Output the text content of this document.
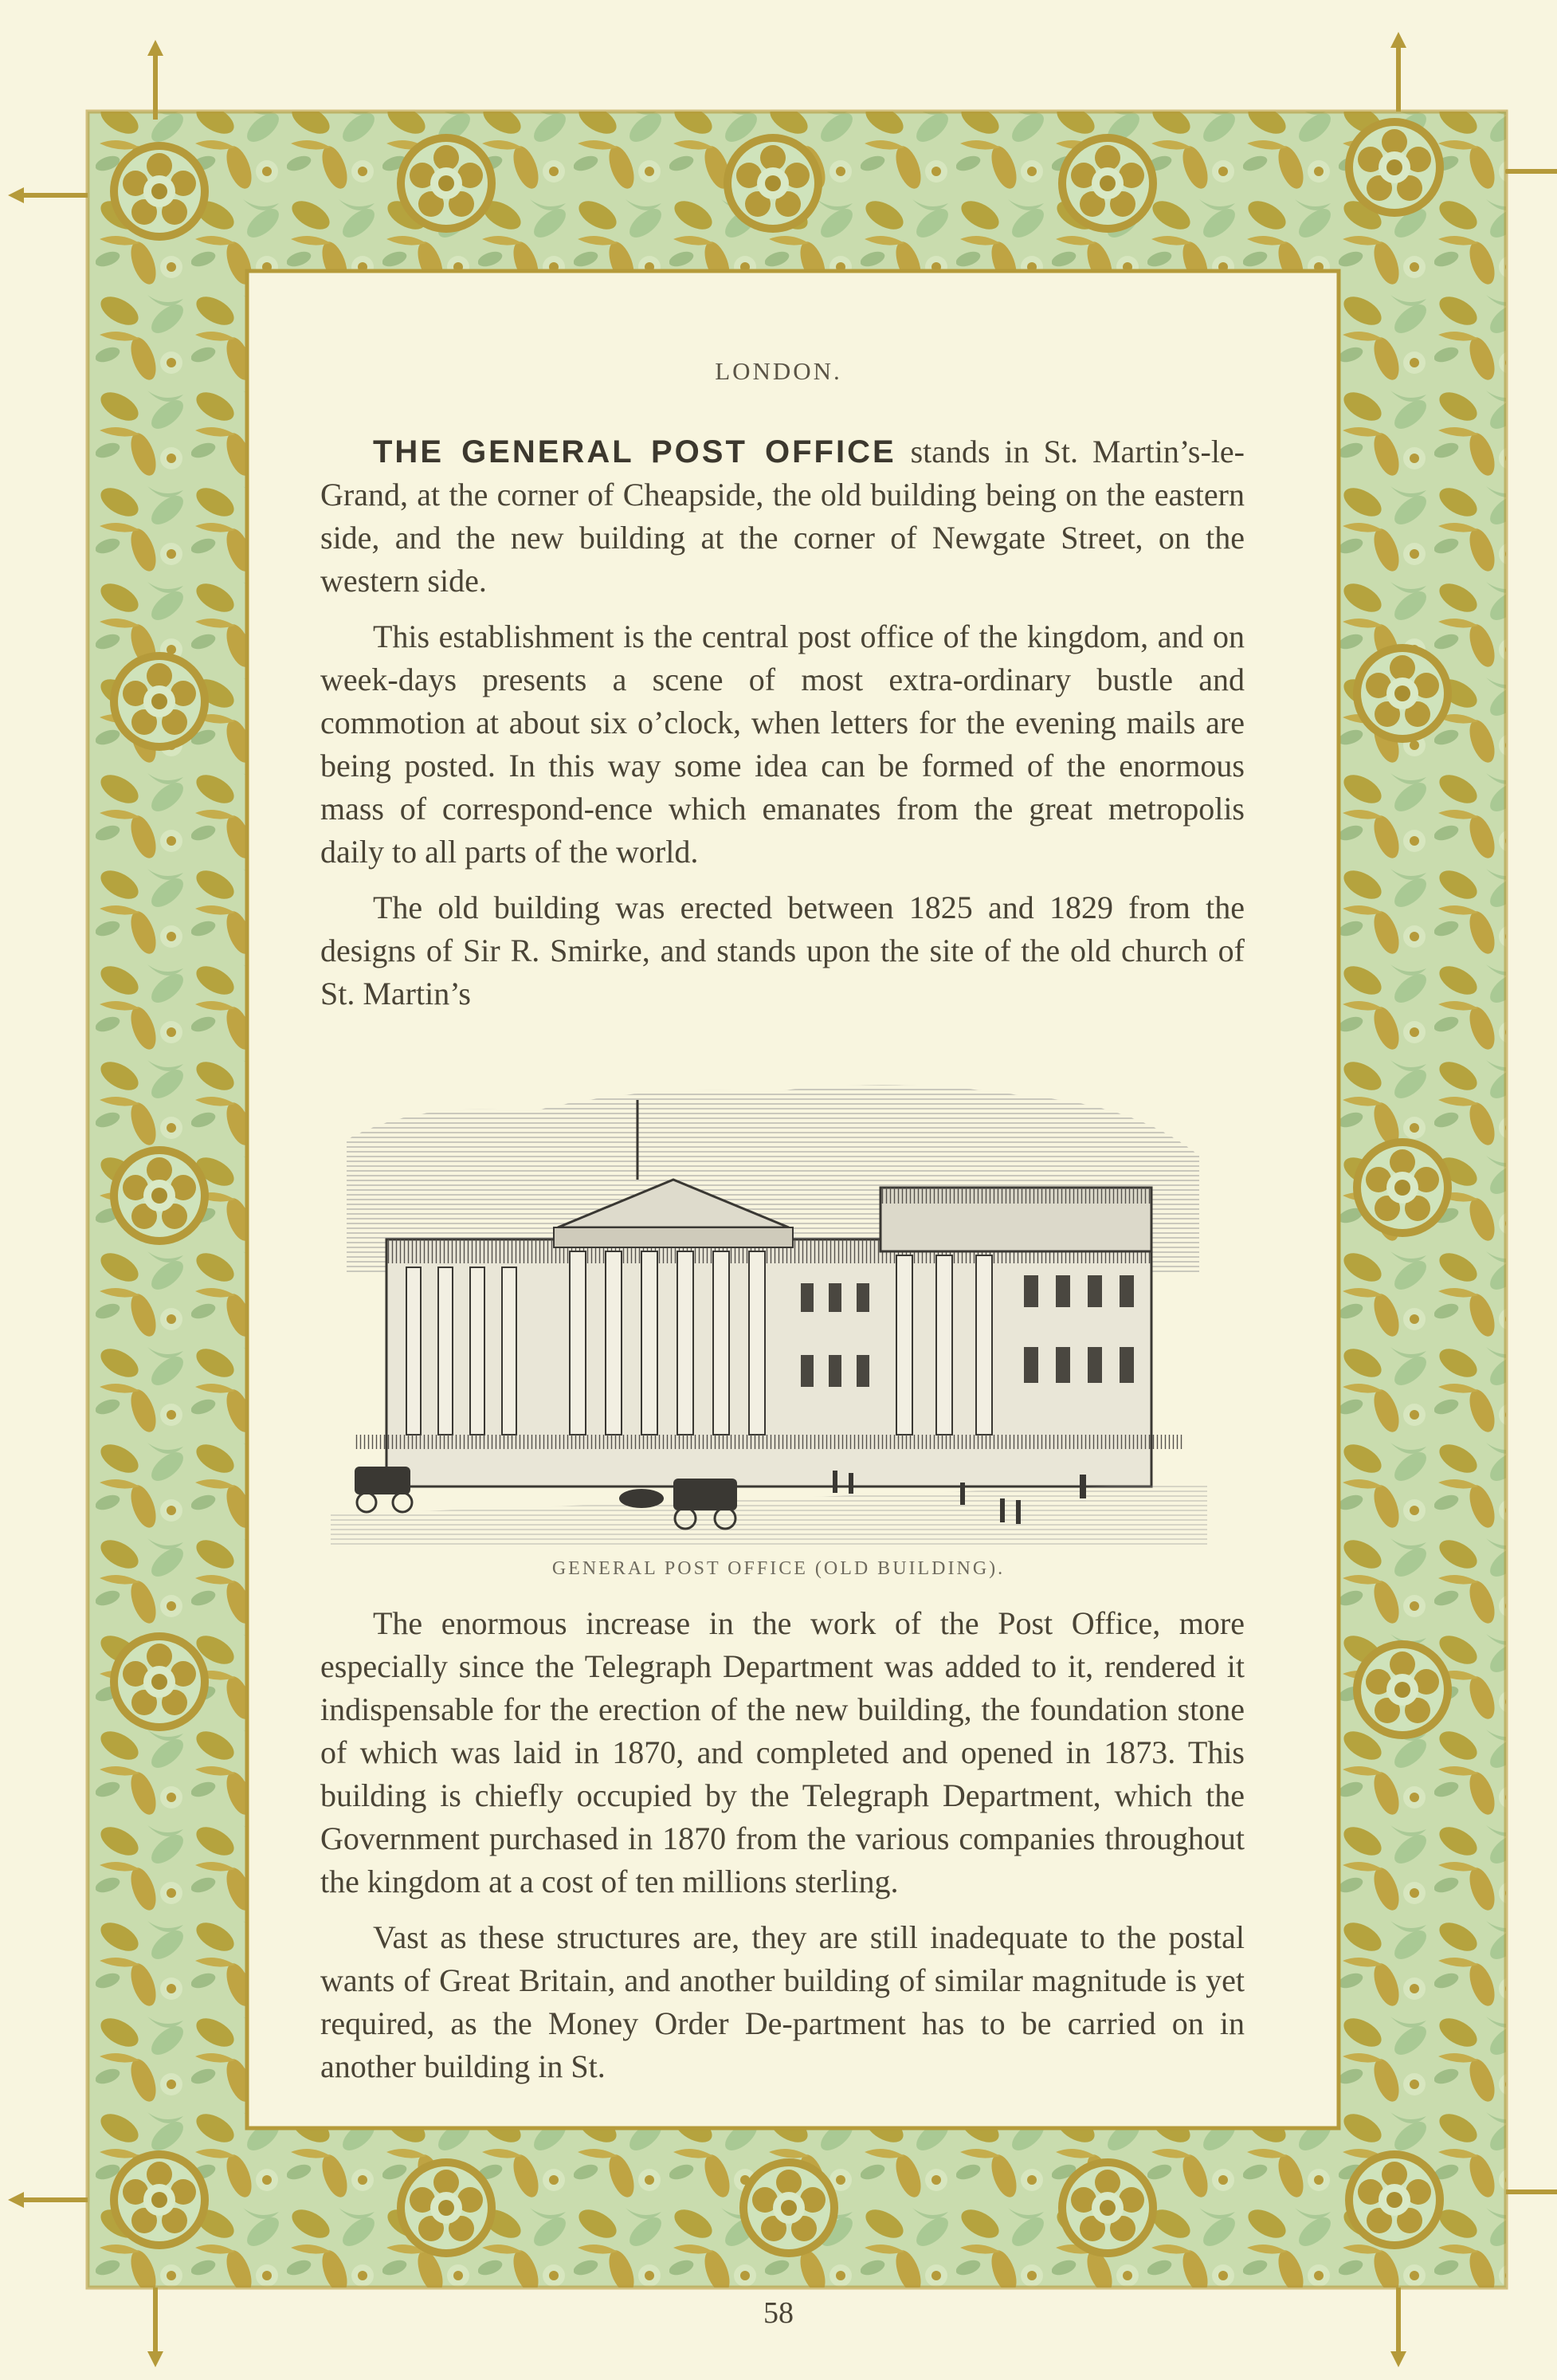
LONDON.

THE GENERAL POST OFFICE stands in St. Martin’s-le-Grand, at the corner of Cheapside, the old building being on the eastern side, and the new building at the corner of Newgate Street, on the western side.

This establishment is the central post office of the kingdom, and on week-days presents a scene of most extra-ordinary bustle and commotion at about six o’clock, when letters for the evening mails are being posted. In this way some idea can be formed of the enormous mass of correspond-ence which emanates from the great metropolis daily to all parts of the world.

The old building was erected between 1825 and 1829 from the designs of Sir R. Smirke, and stands upon the site of the old church of St. Martin’s

GENERAL POST OFFICE (OLD BUILDING).

The enormous increase in the work of the Post Office, more especially since the Telegraph Department was added to it, rendered it indispensable for the erection of the new building, the foundation stone of which was laid in 1870, and completed and opened in 1873. This building is chiefly occupied by the Telegraph Department, which the Government purchased in 1870 from the various companies throughout the kingdom at a cost of ten millions sterling.

Vast as these structures are, they are still inadequate to the postal wants of Great Britain, and another building of similar magnitude is yet required, as the Money Order De-partment has to be carried on in another building in St.

58
